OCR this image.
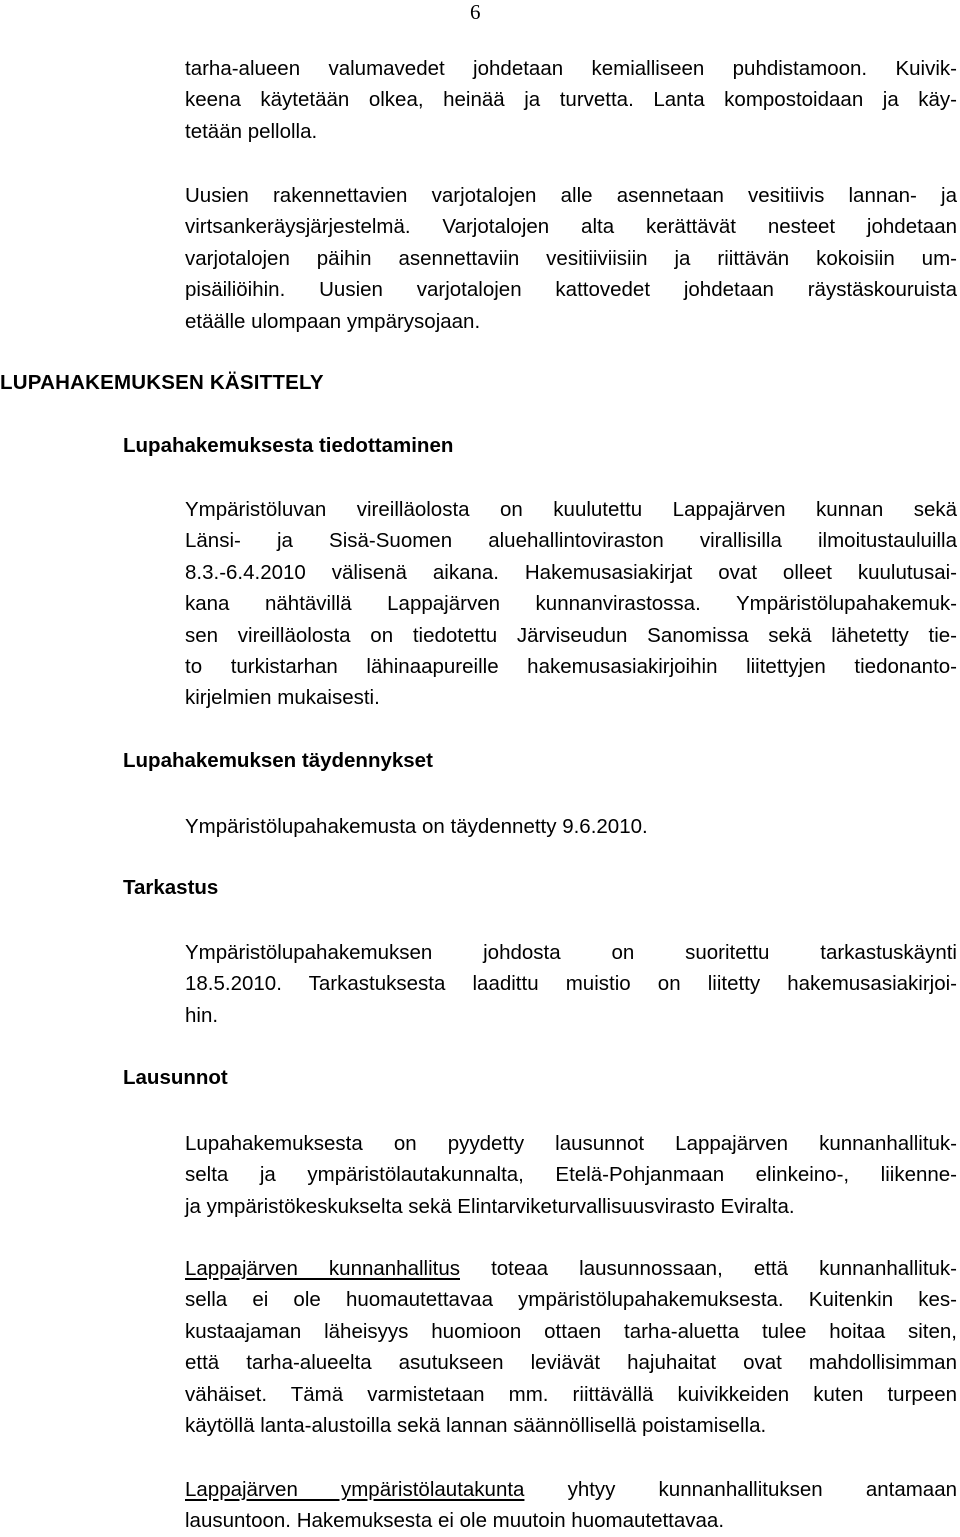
6
tarha-alueen valumavedet johdetaan kemialliseen puhdistamoon. Kuivik-
keena käytetään olkea, heinää ja turvetta. Lanta kompostoidaan ja käy-
tetään pellolla.
Uusien rakennettavien varjotalojen alle asennetaan vesitiivis lannan- ja
virtsankeräysjärjestelmä. Varjotalojen alta kerättävät nesteet johdetaan
varjotalojen päihin asennettaviin vesitiiviisiin ja riittävän kokoisiin um-
pisäiliöihin. Uusien varjotalojen kattovedet johdetaan räystäskouruista
etäälle ulompaan ympärysojaan.
LUPAHAKEMUKSEN KÄSITTELY
Lupahakemuksesta tiedottaminen
Ympäristöluvan vireilläolosta on kuulutettu Lappajärven kunnan sekä
Länsi- ja Sisä-Suomen aluehallintoviraston virallisilla ilmoitustauluilla
8.3.-6.4.2010 välisenä aikana. Hakemusasiakirjat ovat olleet kuulutusai-
kana nähtävillä Lappajärven kunnanvirastossa. Ympäristölupahakemuk-
sen vireilläolosta on tiedotettu Järviseudun Sanomissa sekä lähetetty tie-
to turkistarhan lähinaapureille hakemusasiakirjoihin liitettyjen tiedonanto-
kirjelmien mukaisesti.
Lupahakemuksen täydennykset
Ympäristölupahakemusta on täydennetty 9.6.2010.
Tarkastus
Ympäristölupahakemuksen johdosta on suoritettu tarkastuskäynti
18.5.2010. Tarkastuksesta laadittu muistio on liitetty hakemusasiakirjoi-
hin.
Lausunnot
Lupahakemuksesta on pyydetty lausunnot Lappajärven kunnanhallituk-
selta ja ympäristölautakunnalta, Etelä-Pohjanmaan elinkeino-, liikenne-
ja ympäristökeskukselta sekä Elintarviketurvallisuusvirasto Eviralta.
Lappajärven kunnanhallitus toteaa lausunnossaan, että kunnanhallituk-
sella ei ole huomautettavaa ympäristölupahakemuksesta. Kuitenkin kes-
kustaajaman läheisyys huomioon ottaen tarha-aluetta tulee hoitaa siten,
että tarha-alueelta asutukseen leviävät hajuhaitat ovat mahdollisimman
vähäiset. Tämä varmistetaan mm. riittävällä kuivikkeiden kuten turpeen
käytöllä lanta-alustoilla sekä lannan säännöllisellä poistamisella.
Lappajärven ympäristölautakunta yhtyy kunnanhallituksen antamaan
lausuntoon. Hakemuksesta ei ole muutoin huomautettavaa.
